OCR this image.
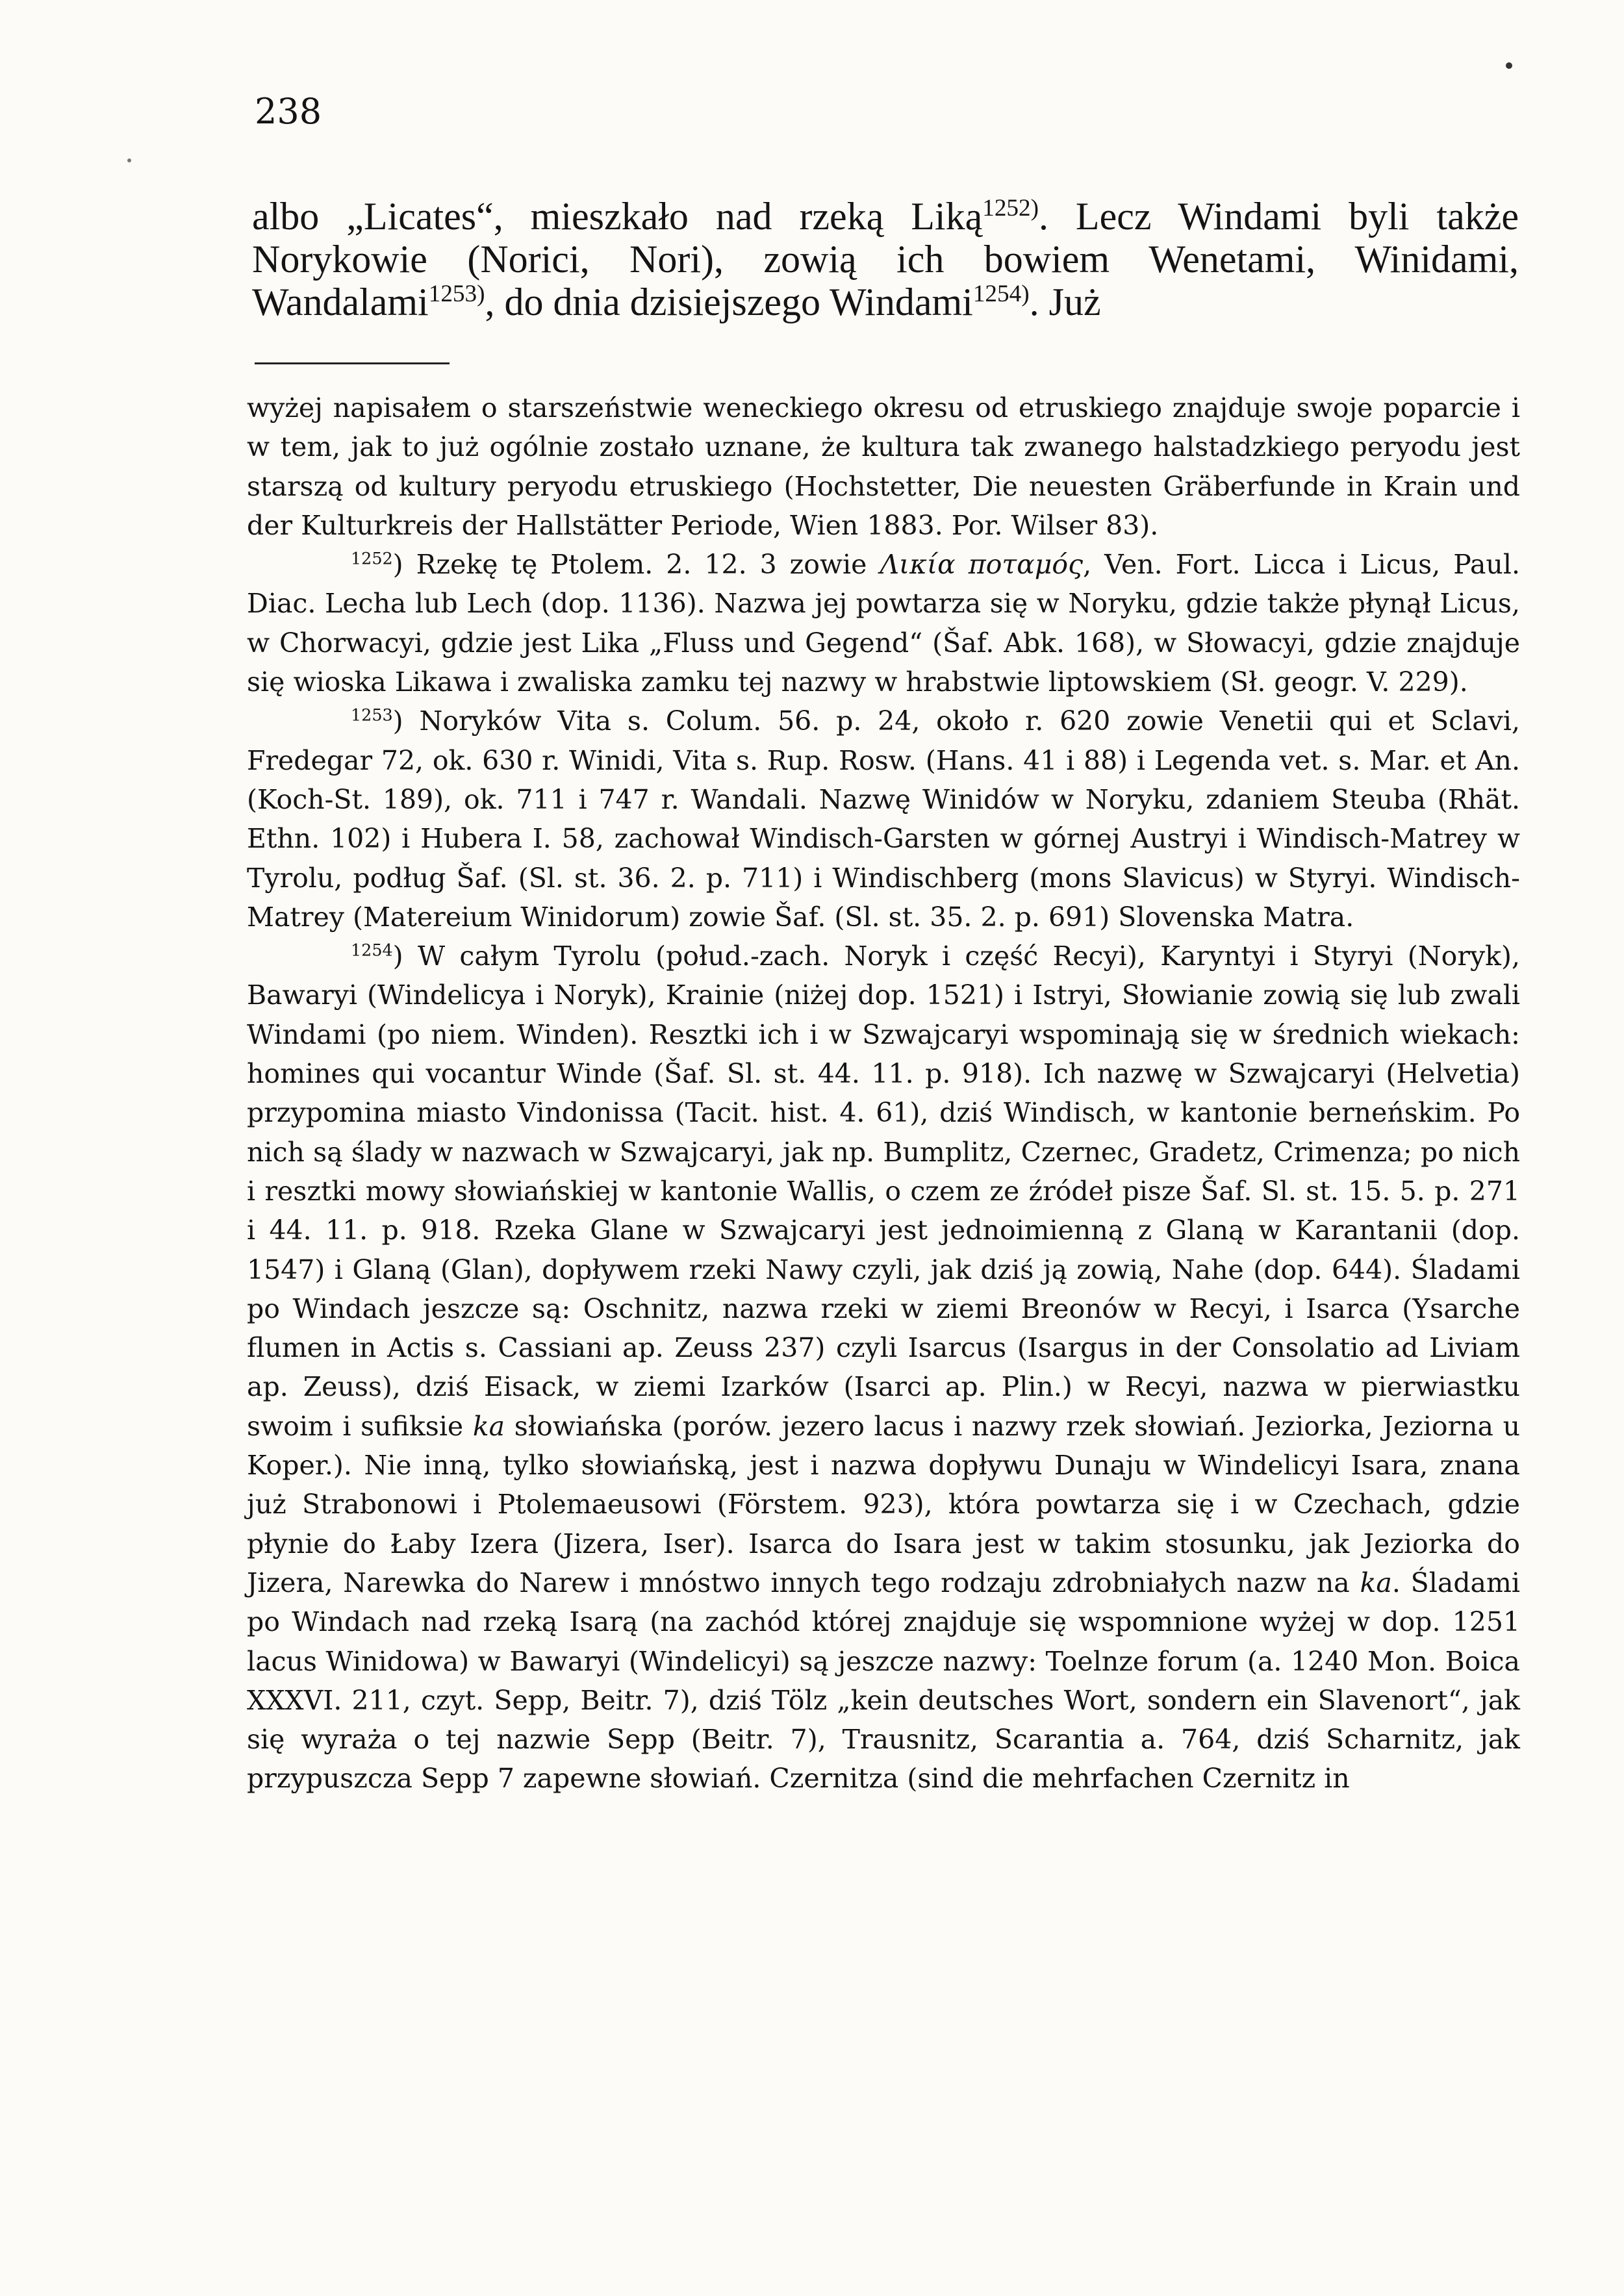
238

albo „Licates“, mieszkało nad rzeką Liką$^{1252)}$. Lecz Windami byli także Norykowie (Norici, Nori), zowią ich bowiem Wenetami, Winidami, Wandalami$^{1253)}$, do dnia dzisiejszego Windami$^{1254)}$. Już

wyżej napisałem o starszeństwie weneckiego okresu od etruskiego znajduje swoje poparcie i w tem, jak to już ogólnie zostało uznane, że kultura tak zwanego halstadzkiego peryodu jest starszą od kultury peryodu etruskiego (Hochstetter, Die neuesten Gräberfunde in Krain und der Kulturkreis der Hallstätter Periode, Wien 1883. Por. Wilser 83).

$^{1252}$) Rzekę tę Ptolem. 2. 12. 3 zowie Λικία ποταμός, Ven. Fort. Licca i Licus, Paul. Diac. Lecha lub Lech (dop. 1136). Nazwa jej powtarza się w Noryku, gdzie także płynął Licus, w Chorwacyi, gdzie jest Lika „Fluss und Gegend“ (Šaf. Abk. 168), w Słowacyi, gdzie znajduje się wioska Likawa i zwaliska zamku tej nazwy w hrabstwie liptowskiem (Sł. geogr. V. 229).

$^{1253}$) Noryków Vita s. Colum. 56. p. 24, około r. 620 zowie Venetii qui et Sclavi, Fredegar 72, ok. 630 r. Winidi, Vita s. Rup. Rosw. (Hans. 41 i 88) i Legenda vet. s. Mar. et An. (Koch-St. 189), ok. 711 i 747 r. Wandali. Nazwę Winidów w Noryku, zdaniem Steuba (Rhät. Ethn. 102) i Hubera I. 58, zachował Windisch-Garsten w górnej Austryi i Windisch-Matrey w Tyrolu, podług Šaf. (Sl. st. 36. 2. p. 711) i Windischberg (mons Slavicus) w Styryi. Windisch-Matrey (Matereium Winidorum) zowie Šaf. (Sl. st. 35. 2. p. 691) Slovenska Matra.

$^{1254}$) W całym Tyrolu (połud.-zach. Noryk i część Recyi), Karyntyi i Styryi (Noryk), Bawaryi (Windelicya i Noryk), Krainie (niżej dop. 1521) i Istryi, Słowianie zowią się lub zwali Windami (po niem. Winden). Resztki ich i w Szwajcaryi wspominają się w średnich wiekach: homines qui vocantur Winde (Šaf. Sl. st. 44. 11. p. 918). Ich nazwę w Szwajcaryi (Helvetia) przypomina miasto Vindonissa (Tacit. hist. 4. 61), dziś Windisch, w kantonie berneńskim. Po nich są ślady w nazwach w Szwajcaryi, jak np. Bumplitz, Czernec, Gradetz, Crimenza; po nich i resztki mowy słowiańskiej w kantonie Wallis, o czem ze źródeł pisze Šaf. Sl. st. 15. 5. p. 271 i 44. 11. p. 918. Rzeka Glane w Szwajcaryi jest jednoimienną z Glaną w Karantanii (dop. 1547) i Glaną (Glan), dopływem rzeki Nawy czyli, jak dziś ją zowią, Nahe (dop. 644). Śladami po Windach jeszcze są: Oschnitz, nazwa rzeki w ziemi Breonów w Recyi, i Isarca (Ysarche flumen in Actis s. Cassiani ap. Zeuss 237) czyli Isarcus (Isargus in der Consolatio ad Liviam ap. Zeuss), dziś Eisack, w ziemi Izarków (Isarci ap. Plin.) w Recyi, nazwa w pierwiastku swoim i sufiksie ka słowiańska (porów. jezero lacus i nazwy rzek słowiań. Jeziorka, Jeziorna u Koper.). Nie inną, tylko słowiańską, jest i nazwa dopływu Dunaju w Windelicyi Isara, znana już Strabonowi i Ptolemaeusowi (Förstem. 923), która powtarza się i w Czechach, gdzie płynie do Łaby Izera (Jizera, Iser). Isarca do Isara jest w takim stosunku, jak Jeziorka do Jizera, Narewka do Narew i mnóstwo innych tego rodzaju zdrobniałych nazw na ka. Śladami po Windach nad rzeką Isarą (na zachód której znajduje się wspomnione wyżej w dop. 1251 lacus Winidowa) w Bawaryi (Windelicyi) są jeszcze nazwy: Toelnze forum (a. 1240 Mon. Boica XXXVI. 211, czyt. Sepp, Beitr. 7), dziś Tölz „kein deutsches Wort, sondern ein Slavenort“, jak się wyraża o tej nazwie Sepp (Beitr. 7), Trausnitz, Scarantia a. 764, dziś Scharnitz, jak przypuszcza Sepp 7 zapewne słowiań. Czernitza (sind die mehrfachen Czernitz in
